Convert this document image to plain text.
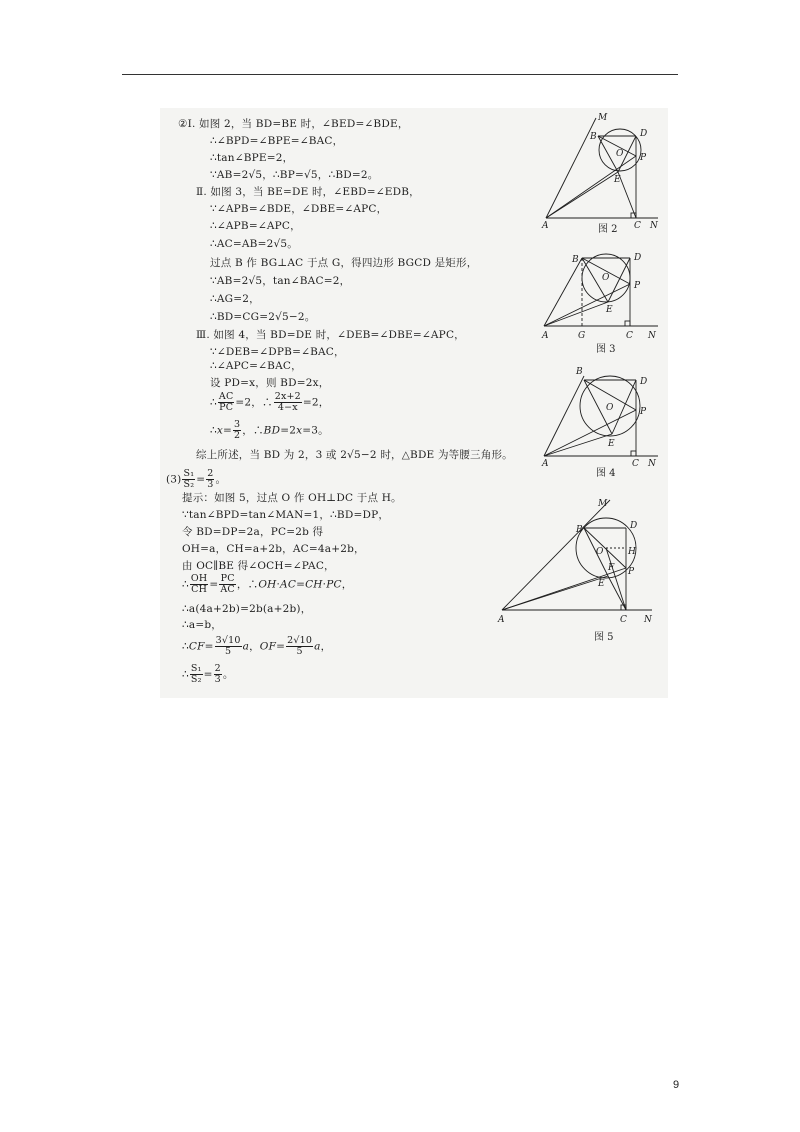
②Ⅰ. 如图 2，当 BD=BE 时，∠BED=∠BDE，
∴∠BPD=∠BPE=∠BAC，
∴tan∠BPE=2，
∵AB=2√5，∴BP=√5，∴BD=2。
Ⅱ. 如图 3，当 BE=DE 时，∠EBD=∠EDB，
∵∠APB=∠BDE，∠DBE=∠APC，
∴∠APB=∠APC，
∴AC=AB=2√5。
过点 B 作 BG⊥AC 于点 G，得四边形 BGCD 是矩形，
∵AB=2√5，tan∠BAC=2，
∴AG=2，
∴BD=CG=2√5−2。
Ⅲ. 如图 4，当 BD=DE 时，∠DEB=∠DBE=∠APC，
∵∠DEB=∠DPB=∠BAC，
∴∠APC=∠BAC，
设 PD=x，则 BD=2x，
∴ $\frac{AC}{PC} =2$，∴ $\frac{2x+2}{4-x} =2$，
∴x= $\frac{3}{2}$ ，∴BD=2x=3。
综上所述，当 BD 为 2，3 或 2√5−2 时，△BDE 为等腰三角形。
$(3) \frac{\text{S₁}}{\text{S₂}} = \frac{2}{3}$ 。
提示：如图 5，过点 O 作 OH⊥DC 于点 H。
∵tan∠BPD=tan∠MAN=1，∴BD=DP，
令 BD=DP=2a，PC=2b 得
OH=a，CH=a+2b，AC=4a+2b，
由 OC∥BE 得∠OCH=∠PAC，
∴ $\frac{OH}{CH} = \frac{PC}{AC}$ ，∴OH·AC=CH·PC，
∴a(4a+2b)=2b(a+2b)，
∴a=b，
∴CF= $\frac{3√10}{5}$ a，$OF= \frac{2√10}{5}$ a，
∴ $\frac{\text{S₁}}{\text{S₂}} = \frac{2}{3}$ 。
M
B	D
O P
E
A	C N
图 2
B	D
O
P
E
A	G	C N
图 3
B
D
O	P
E
A	C N
图 4
M
B	D
O	H
P
F
E
A	C N
图 5
9
